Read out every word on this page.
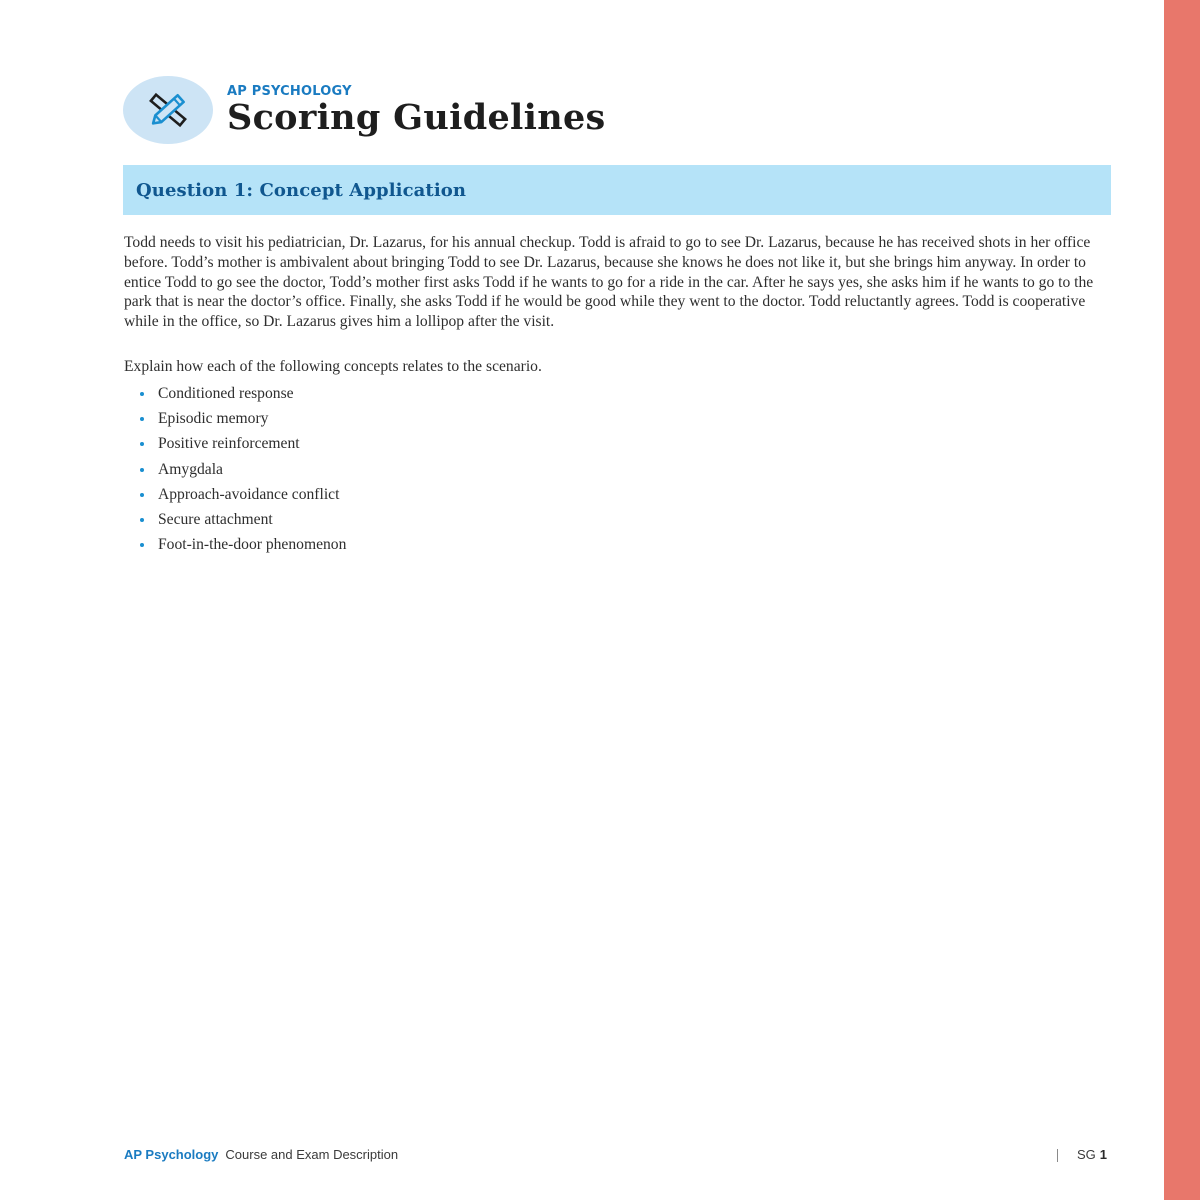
AP PSYCHOLOGY
Scoring Guidelines
Question 1: Concept Application

Todd needs to visit his pediatrician, Dr. Lazarus, for his annual checkup. Todd is afraid to go to see Dr. Lazarus, because he has received shots in her office before. Todd’s mother is ambivalent about bringing Todd to see Dr. Lazarus, because she knows he does not like it, but she brings him anyway. In order to entice Todd to go see the doctor, Todd’s mother first asks Todd if he wants to go for a ride in the car. After he says yes, she asks him if he wants to go to the park that is near the doctor’s office. Finally, she asks Todd if he would be good while they went to the doctor. Todd reluctantly agrees. Todd is cooperative while in the office, so Dr. Lazarus gives him a lollipop after the visit.

Explain how each of the following concepts relates to the scenario.

Conditioned response
Episodic memory
Positive reinforcement
Amygdala
Approach-avoidance conflict
Secure attachment
Foot-in-the-door phenomenon
AP Psychology Course and Exam Description	SG 1
